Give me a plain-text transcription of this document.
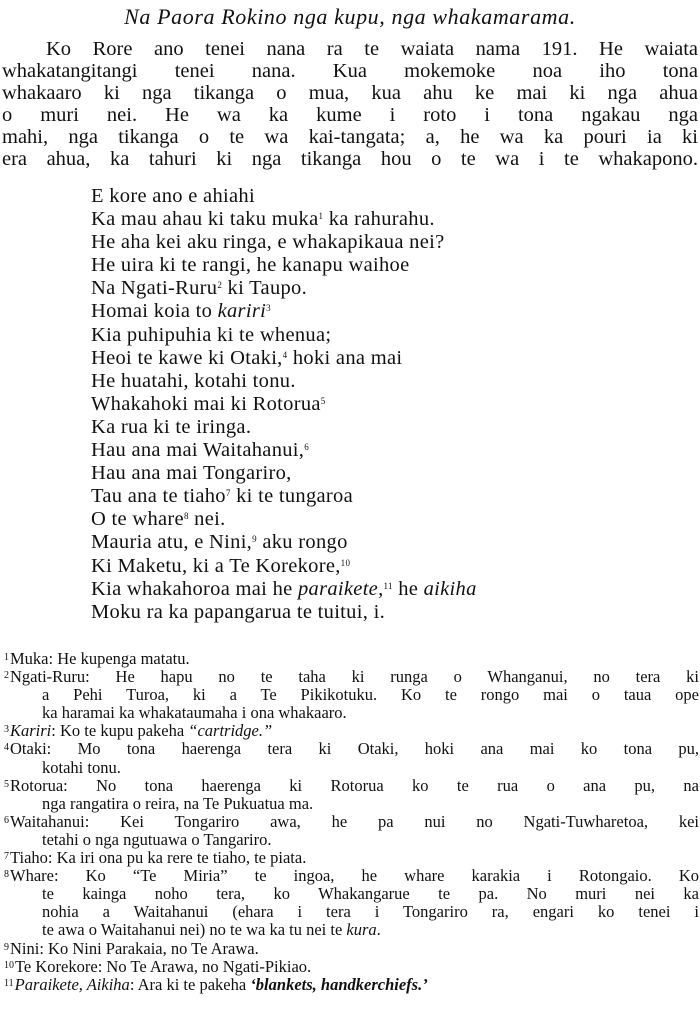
Na Paora Rokino nga kupu, nga whakamarama.
Ko Rore ano tenei nana ra te waiata nama 191. He waiata
whakatangitangi tenei nana. Kua mokemoke noa iho tona
whakaaro ki nga tikanga o mua, kua ahu ke mai ki nga ahua
o muri nei. He wa ka kume i roto i tona ngakau nga
mahi, nga tikanga o te wa kai-tangata; a, he wa ka pouri ia ki
era ahua, ka tahuri ki nga tikanga hou o te wa i te whakapono.
E kore ano e ahiahi
Ka mau ahau ki taku muka$^1$ ka rahurahu.
He aha kei aku ringa, e whakapikaua nei?
He uira ki te rangi, he kanapu waihoe
Na Ngati-Ruru$^2$ ki Taupo.
Homai koia to kariri$^3$
Kia puhipuhia ki te whenua;
Heoi te kawe ki Otaki,$^4$ hoki ana mai
He huatahi, kotahi tonu.
Whakahoki mai ki Rotorua$^5$
Ka rua ki te iringa.
Hau ana mai Waitahanui,$^6$
Hau ana mai Tongariro,
Tau ana te tiaho$^7$ ki te tungaroa
O te whare$^8$ nei.
Mauria atu, e Nini,$^9$ aku rongo
Ki Maketu, ki a Te Korekore,$^{10}$
Kia whakahoroa mai he paraikete,$^{11}$ he aikiha
Moku ra ka papangarua te tuitui, i.
$^1$Muka: He kupenga matatu.
$^2$Ngati-Ruru: He hapu no te taha ki runga o Whanganui, no tera ki
a Pehi Turoa, ki a Te Pikikotuku. Ko te rongo mai o taua ope
ka haramai ka whakataumaha i ona whakaaro.
$^3$Kariri: Ko te kupu pakeha “cartridge.”
$^4$Otaki: Mo tona haerenga tera ki Otaki, hoki ana mai ko tona pu,
kotahi tonu.
$^5$Rotorua: No tona haerenga ki Rotorua ko te rua o ana pu, na
nga rangatira o reira, na Te Pukuatua ma.
$^6$Waitahanui: Kei Tongariro awa, he pa nui no Ngati-Tuwharetoa, kei
tetahi o nga ngutuawa o Tangariro.
$^7$Tiaho: Ka iri ona pu ka rere te tiaho, te piata.
$^8$Whare: Ko “Te Miria” te ingoa, he whare karakia i Rotongaio. Ko
te kainga noho tera, ko Whakangarue te pa. No muri nei ka
nohia a Waitahanui (ehara i tera i Tongariro ra, engari ko tenei i
te awa o Waitahanui nei) no te wa ka tu nei te kura.
$^9$Nini: Ko Nini Parakaia, no Te Arawa.
$^{10}$Te Korekore: No Te Arawa, no Ngati-Pikiao.
$^{11}$Paraikete, Aikiha: Ara ki te pakeha ‘blankets, handkerchiefs.’
